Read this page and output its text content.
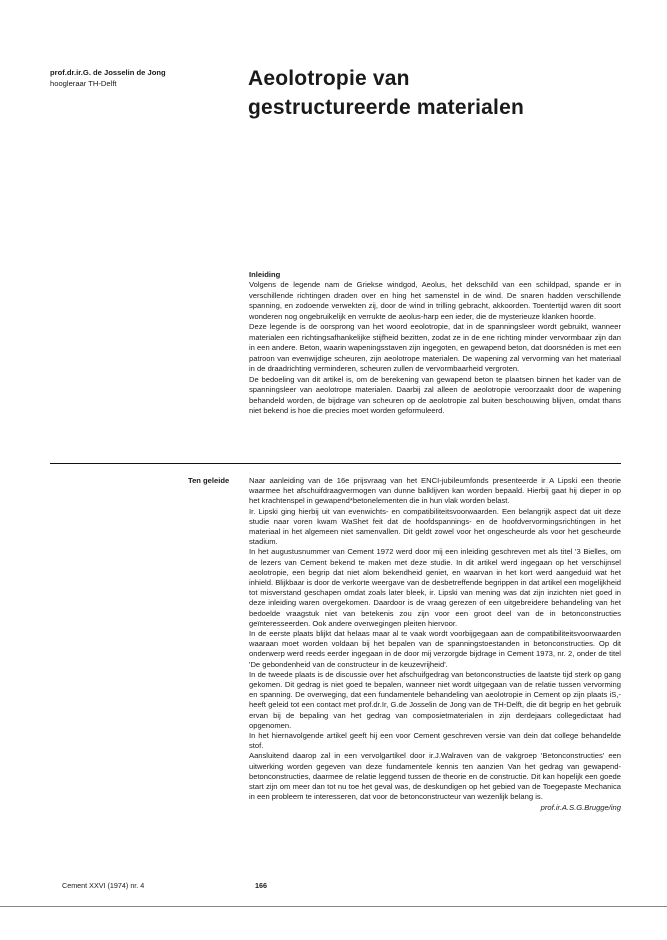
prof.dr.ir.G. de Josselin de Jong
hoogleraar TH-Delft	Aeolotropie van
gestructureerde materialen
Inleiding

Volgens de legende nam de Griekse windgod, Aeolus, het dekschild van een schildpad, spande er in verschillende richtingen draden over en hing het samenstel in de wind. De snaren hadden verschillende spanning, en zodoende verwekten zij, door de wind in trilling gebracht, akkoorden. Toentertijd waren dit soort wonderen nog ongebruikelijk en verrukte de aeolus-harp een ieder, die de mysterieuze klanken hoorde.

Deze legende is de oorsprong van het woord eeolotropie, dat in de spanningsleer wordt gebruikt, wanneer materialen een richtingsafhankelijke stijfheid bezitten, zodat ze in de ene richting minder vervormbaar zijn dan in een andere. Beton, waarin wapeningsstaven zijn ingegoten, en gewapend beton, dat doorsnéden is met een patroon van evenwijdige scheuren, zijn aeolotrope materialen. De wapening zal vervorming van het materiaal in de draadrichting verminderen, scheuren zullen de vervormbaarheid vergroten.

De bedoeling van dit artikel is, om de berekening van gewapend beton te plaatsen binnen het kader van de spanningsleer van aeolotrope materialen. Daarbij zal alleen de aeolotropie veroorzaakt door de wapening behandeld worden, de bijdrage van scheuren op de aeolotropie zal buiten beschouwing blijven, omdat thans niet bekend is hoe die precies moet worden geformuleerd.

Ten geleide	Naar aanleiding van de 16e prijsvraag van het ENCI-jubileumfonds presenteerde ir A Lipski een theorie waarmee het afschuifdraagvermogen van dunne balklijven kan worden bepaald. Hierbij gaat hij dieper in op het krachtenspel in gewapend*betonelementen die in hun vlak worden belast.

Ir. Lipski ging hierbij uit van evenwichts- en compatibiliteitsvoorwaarden. Een belangrijk aspect dat uit deze studie naar voren kwam WaShet feit dat de hoofdspannings- en de hoofdvervormingsrichtingen in het materiaal in het algemeen niet samenvallen. Dit geldt zowel voor het ongescheurde als voor het gescheurde stadium.

In het augustusnummer van Cement 1972 werd door mij een inleiding geschreven met als titel '3 Bielles, om de lezers van Cement bekend te maken met deze studie. In dit artikel werd ingegaan op het verschijnsel aeolotropie, een begrip dat niet alom bekendheid geniet, en waarvan in het kort werd aangeduid wat het inhield. Blijkbaar is door de verkorte weergave van de desbetreffende begrippen in dat artikel een mogelijkheid tot misverstand geschapen omdat zoals later bleek, ir. Lipski van mening was dat zijn inzichten niet goed in deze inleiding waren overgekomen. Daardoor is de vraag gerezen of een uitgebreidere behandeling van het bedoelde vraagstuk niet van betekenis zou zijn voor een groot deel van de in betonconstructies geïnteresseerden. Ook andere overwegingen pleiten hiervoor.

In de eerste plaats blijkt dat helaas maar al te vaak wordt voorbijgegaan aan de compatibiliteitsvoorwaarden waaraan moet worden voldaan bij het bepalen van de spanningstoestanden in betonconstructies. Op dit onderwerp werd reeds eerder ingegaan in de door mij verzorgde bijdrage in Cement 1973, nr. 2, onder de titel 'De gebondenheid van de constructeur in de keuzevrijheid'.

In de tweede plaats is de discussie over het afschuifgedrag van betonconstructies de laatste tijd sterk op gang gekomen. Dit gedrag is niet goed te bepalen, wanneer niet wordt uitgegaan van de relatie tussen vervorming en spanning. De overweging, dat een fundamentele behandeling van aeolotropie in Cement op zijn plaats iS,-heeft geleid tot een contact met prof.dr.Ir, G.de Josselin de Jong van de TH-Delft, die dit begrip en het gebruik ervan bij de bepaling van het gedrag van composietmaterialen in zijn derdejaars collegedictaat had opgenomen.

In het hiernavolgende artikel geeft hij een voor Cement geschreven versie van dein dat college behandelde stof.

Aansluitend daarop zal in een vervolgartikel door ir.J.Walraven van de vakgroep 'Betonconstructies' een uitwerking worden gegeven van deze fundamentele kennis ten aanzien Van het gedrag van gewapend-betonconstructies, daarmee de relatie leggend tussen de theorie en de constructie. Dit kan hopelijk een goede start zijn om meer dan tot nu toe het geval was, de deskundigen op het gebied van de Toegepaste Mechanica in een probleem te interesseren, dat voor de betonconstructeur van wezenlijk belang is.
prof.ir.A.S.G.Brugge/ing

Cement XXVI (1974) nr. 4	166
